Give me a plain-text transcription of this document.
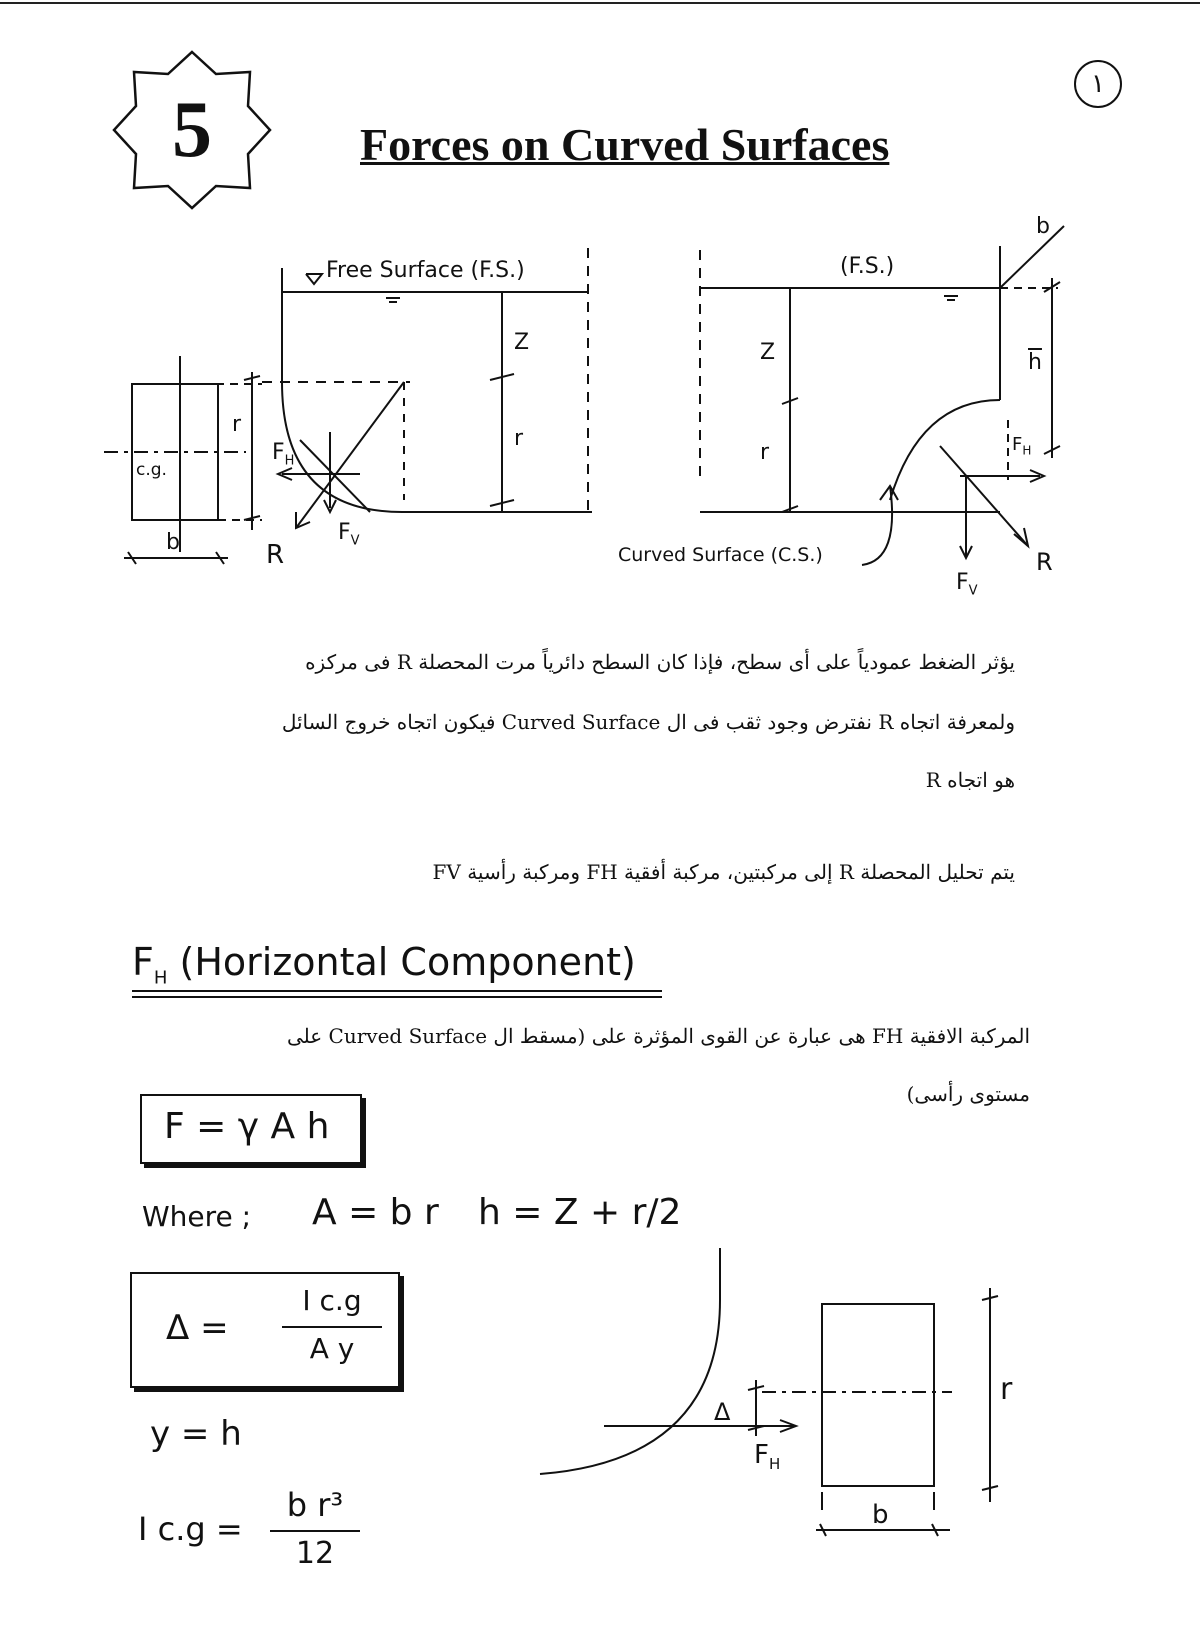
5
١
Forces on Curved Surfaces
Free Surface (F.S.)
Z
r
r
c.g.
b
$F_H$
$F_V$
R
(F.S.)
b
$\overline{h}$
Z
r	$F_H$
Curved Surface (C.S.)
$F_V$
R
يؤثر الضغط عمودياً على أى سطح، فإذا كان السطح دائرياً مرت المحصلة R فى مركزه
ولمعرفة اتجاه R نفترض وجود ثقب فى ال Curved Surface فيكون اتجاه خروج السائل
هو اتجاه R
يتم تحليل المحصلة R إلى مركبتين، مركبة أفقية FH ومركبة رأسية FV
$F_H$ (Horizontal Component)
المركبة الافقية FH هى عبارة عن القوى المؤثرة على (مسقط ال Curved Surface على
مستوى رأسى)
F = γ A h
Where ; A = b r h = Z + r/2
Δ =
I c.g
A y
y = h
I c.g =
b r³
12
Δ
$F_H$
r
b
